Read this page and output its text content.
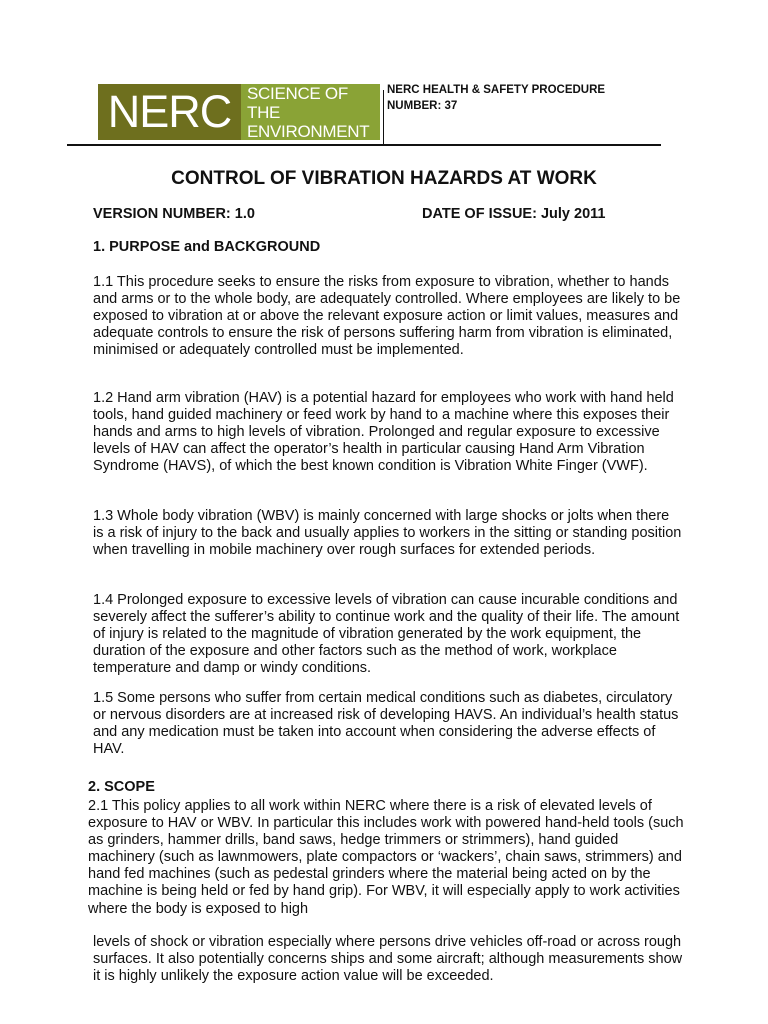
NERC SCIENCE OF THE
ENVIRONMENT
NERC HEALTH & SAFETY PROCEDURE
NUMBER: 37
CONTROL OF VIBRATION HAZARDS AT WORK
VERSION NUMBER: 1.0	DATE OF ISSUE: July 2011
1. PURPOSE and BACKGROUND

1.1 This procedure seeks to ensure the risks from exposure to vibration, whether to hands and arms or to the whole body, are adequately controlled. Where employees are likely to be exposed to vibration at or above the relevant exposure action or limit values, measures and adequate controls to ensure the risk of persons suffering harm from vibration is eliminated, minimised or adequately controlled must be implemented.

1.2 Hand arm vibration (HAV) is a potential hazard for employees who work with hand held tools, hand guided machinery or feed work by hand to a machine where this exposes their hands and arms to high levels of vibration. Prolonged and regular exposure to excessive levels of HAV can affect the operator’s health in particular causing Hand Arm Vibration Syndrome (HAVS), of which the best known condition is Vibration White Finger (VWF).

1.3 Whole body vibration (WBV) is mainly concerned with large shocks or jolts when there is a risk of injury to the back and usually applies to workers in the sitting or standing position when travelling in mobile machinery over rough surfaces for extended periods.

1.4 Prolonged exposure to excessive levels of vibration can cause incurable conditions and severely affect the sufferer’s ability to continue work and the quality of their life. The amount of injury is related to the magnitude of vibration generated by the work equipment, the duration of the exposure and other factors such as the method of work, workplace temperature and damp or windy conditions.

1.5 Some persons who suffer from certain medical conditions such as diabetes, circulatory or nervous disorders are at increased risk of developing HAVS. An individual’s health status and any medication must be taken into account when considering the adverse effects of HAV.

2. SCOPE

2.1 This policy applies to all work within NERC where there is a risk of elevated levels of exposure to HAV or WBV. In particular this includes work with powered hand-held tools (such as grinders, hammer drills, band saws, hedge trimmers or strimmers), hand guided machinery (such as lawnmowers, plate compactors or ‘wackers’, chain saws, strimmers) and hand fed machines (such as pedestal grinders where the material being acted on by the machine is being held or fed by hand grip). For WBV, it will especially apply to work activities where the body is exposed to high

levels of shock or vibration especially where persons drive vehicles off-road or across rough surfaces. It also potentially concerns ships and some aircraft; although measurements show it is highly unlikely the exposure action value will be exceeded.
